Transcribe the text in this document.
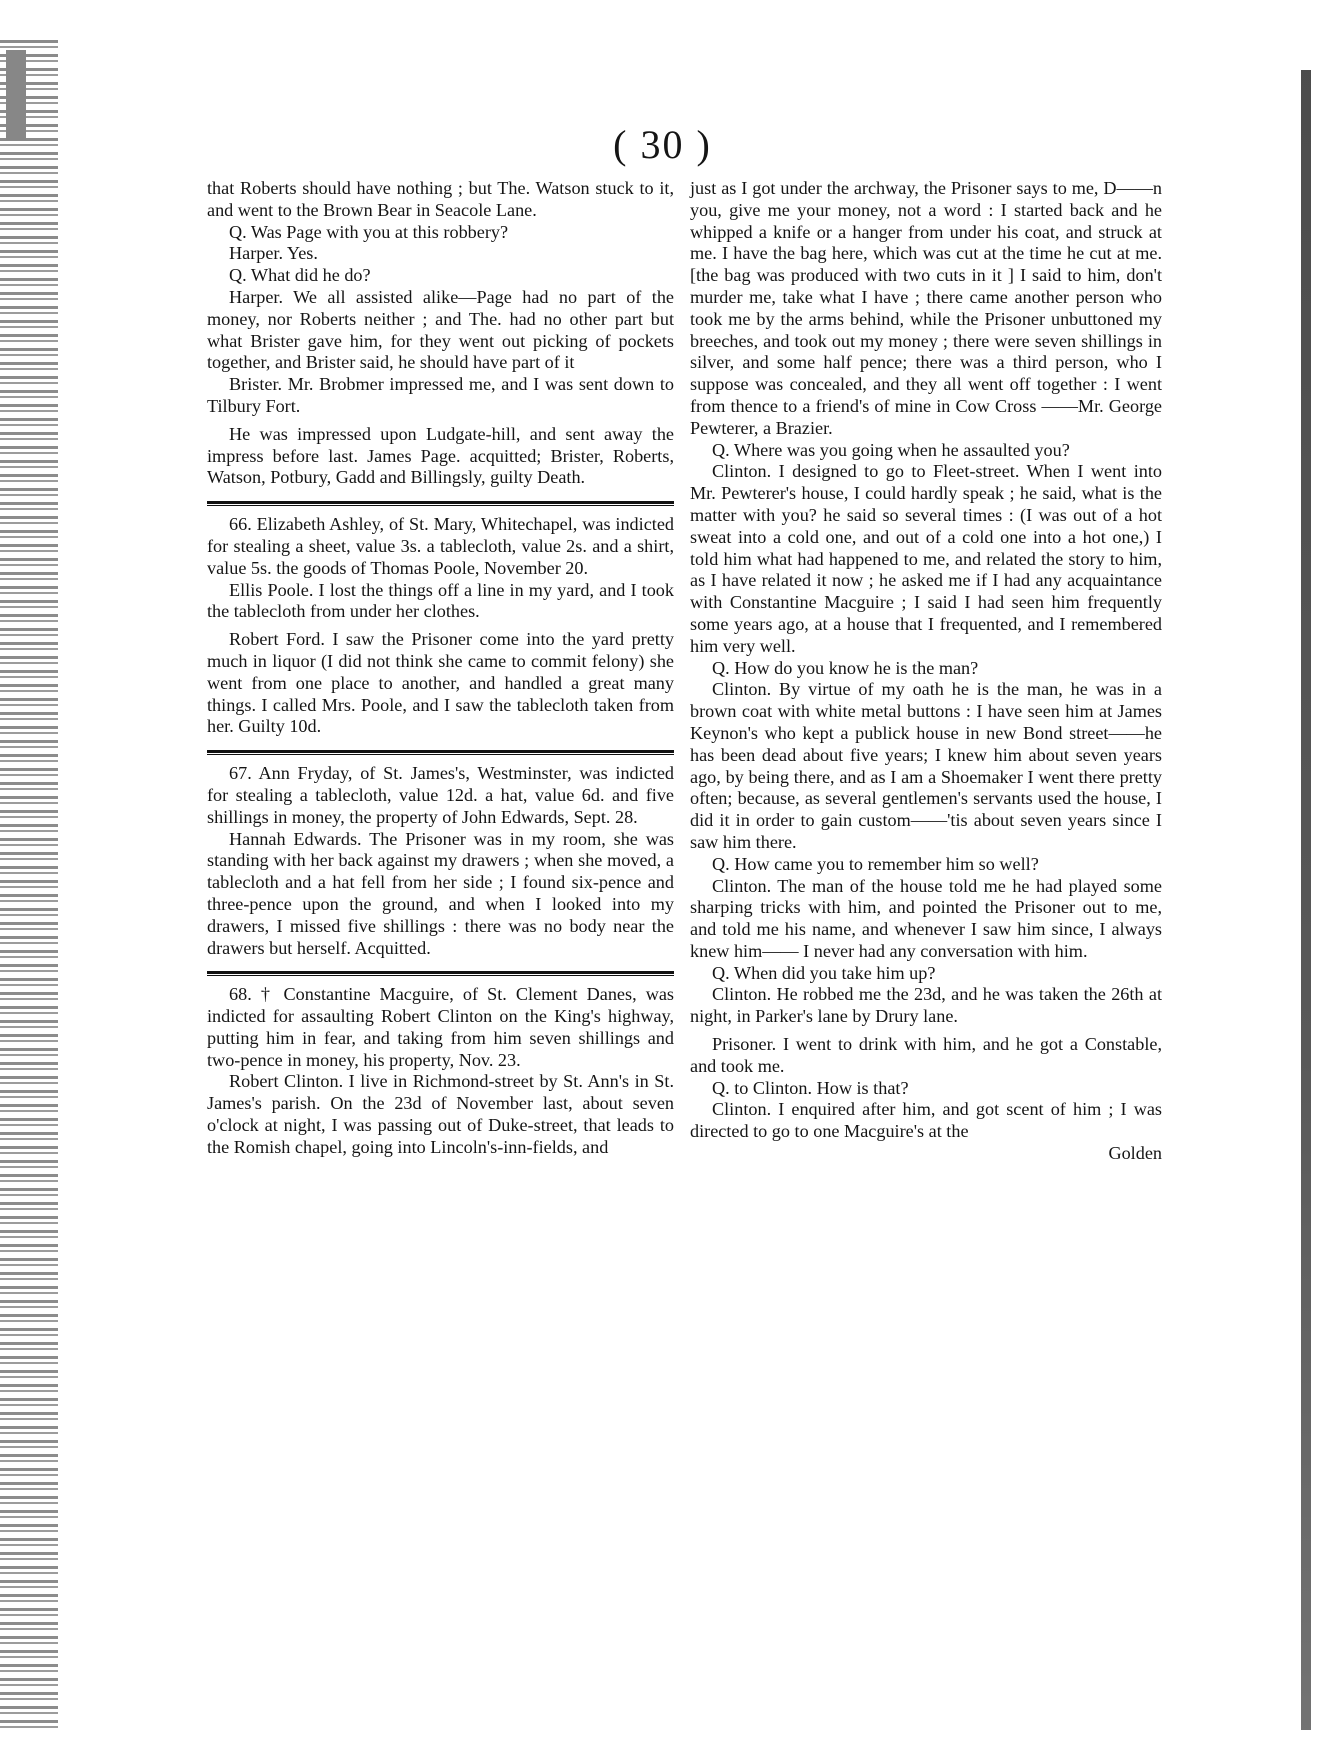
( 30 )

that Roberts should have nothing ; but The. Watson stuck to it, and went to the Brown Bear in Seacole Lane.

Q. Was Page with you at this robbery?

Harper. Yes.

Q. What did he do?

Harper. We all assisted alike—Page had no part of the money, nor Roberts neither ; and The. had no other part but what Brister gave him, for they went out picking of pockets together, and Brister said, he should have part of it

Brister. Mr. Brobmer impressed me, and I was sent down to Tilbury Fort.

He was impressed upon Ludgate-hill, and sent away the impress before last. James Page. acquitted; Brister, Roberts, Watson, Potbury, Gadd and Billingsly, guilty Death.

66. Elizabeth Ashley, of St. Mary, Whitechapel, was indicted for stealing a sheet, value 3s. a tablecloth, value 2s. and a shirt, value 5s. the goods of Thomas Poole, November 20.

Ellis Poole. I lost the things off a line in my yard, and I took the tablecloth from under her clothes.

Robert Ford. I saw the Prisoner come into the yard pretty much in liquor (I did not think she came to commit felony) she went from one place to another, and handled a great many things. I called Mrs. Poole, and I saw the tablecloth taken from her. Guilty 10d.

67. Ann Fryday, of St. James's, Westminster, was indicted for stealing a tablecloth, value 12d. a hat, value 6d. and five shillings in money, the property of John Edwards, Sept. 28.

Hannah Edwards. The Prisoner was in my room, she was standing with her back against my drawers ; when she moved, a tablecloth and a hat fell from her side ; I found six-pence and three-pence upon the ground, and when I looked into my drawers, I missed five shillings : there was no body near the drawers but herself. Acquitted.

68. † Constantine Macguire, of St. Clement Danes, was indicted for assaulting Robert Clinton on the King's highway, putting him in fear, and taking from him seven shillings and two-pence in money, his property, Nov. 23.

Robert Clinton. I live in Richmond-street by St. Ann's in St. James's parish. On the 23d of November last, about seven o'clock at night, I was passing out of Duke-street, that leads to the Romish chapel, going into Lincoln's-inn-fields, and

just as I got under the archway, the Prisoner says to me, D——n you, give me your money, not a word : I started back and he whipped a knife or a hanger from under his coat, and struck at me. I have the bag here, which was cut at the time he cut at me. [the bag was produced with two cuts in it ] I said to him, don't murder me, take what I have ; there came another person who took me by the arms behind, while the Prisoner unbuttoned my breeches, and took out my money ; there were seven shillings in silver, and some half pence; there was a third person, who I suppose was concealed, and they all went off together : I went from thence to a friend's of mine in Cow Cross ——Mr. George Pewterer, a Brazier.

Q. Where was you going when he assaulted you?

Clinton. I designed to go to Fleet-street. When I went into Mr. Pewterer's house, I could hardly speak ; he said, what is the matter with you? he said so several times : (I was out of a hot sweat into a cold one, and out of a cold one into a hot one,) I told him what had happened to me, and related the story to him, as I have related it now ; he asked me if I had any acquaintance with Constantine Macguire ; I said I had seen him frequently some years ago, at a house that I frequented, and I remembered him very well.

Q. How do you know he is the man?

Clinton. By virtue of my oath he is the man, he was in a brown coat with white metal buttons : I have seen him at James Keynon's who kept a publick house in new Bond street——he has been dead about five years; I knew him about seven years ago, by being there, and as I am a Shoemaker I went there pretty often; because, as several gentlemen's servants used the house, I did it in order to gain custom——'tis about seven years since I saw him there.

Q. How came you to remember him so well?

Clinton. The man of the house told me he had played some sharping tricks with him, and pointed the Prisoner out to me, and told me his name, and whenever I saw him since, I always knew him—— I never had any conversation with him.

Q. When did you take him up?

Clinton. He robbed me the 23d, and he was taken the 26th at night, in Parker's lane by Drury lane.

Prisoner. I went to drink with him, and he got a Constable, and took me.

Q. to Clinton. How is that?

Clinton. I enquired after him, and got scent of him ; I was directed to go to one Macguire's at the

Golden
